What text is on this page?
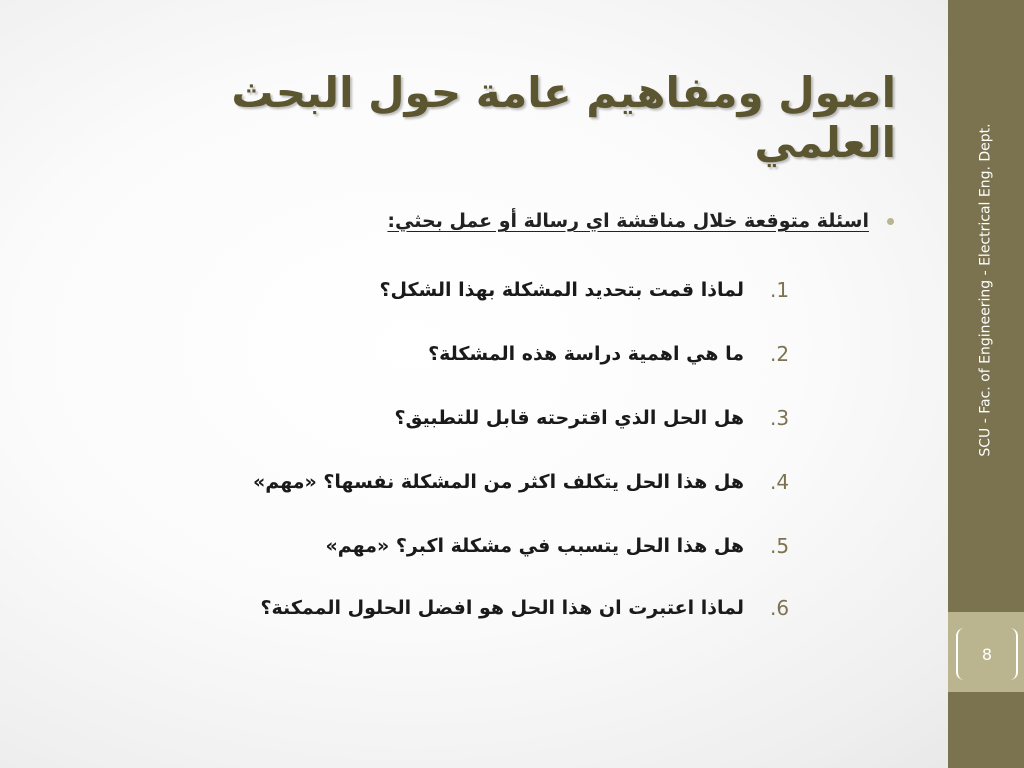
SCU - Fac. of Engineering - Electrical Eng. Dept.
8
اصول ومفاهيم عامة حول البحث العلمي
اسئلة متوقعة خلال مناقشة اي رسالة أو عمل بحثي:
.1
لماذا قمت بتحديد المشكلة بهذا الشكل؟
.2
ما هي اهمية دراسة هذه المشكلة؟
.3
هل الحل الذي اقترحته قابل للتطبيق؟
.4
هل هذا الحل يتكلف اكثر من المشكلة نفسها؟ «مهم»
.5
هل هذا الحل يتسبب في مشكلة اكبر؟ «مهم»
.6
لماذا اعتبرت ان هذا الحل هو افضل الحلول الممكنة؟
